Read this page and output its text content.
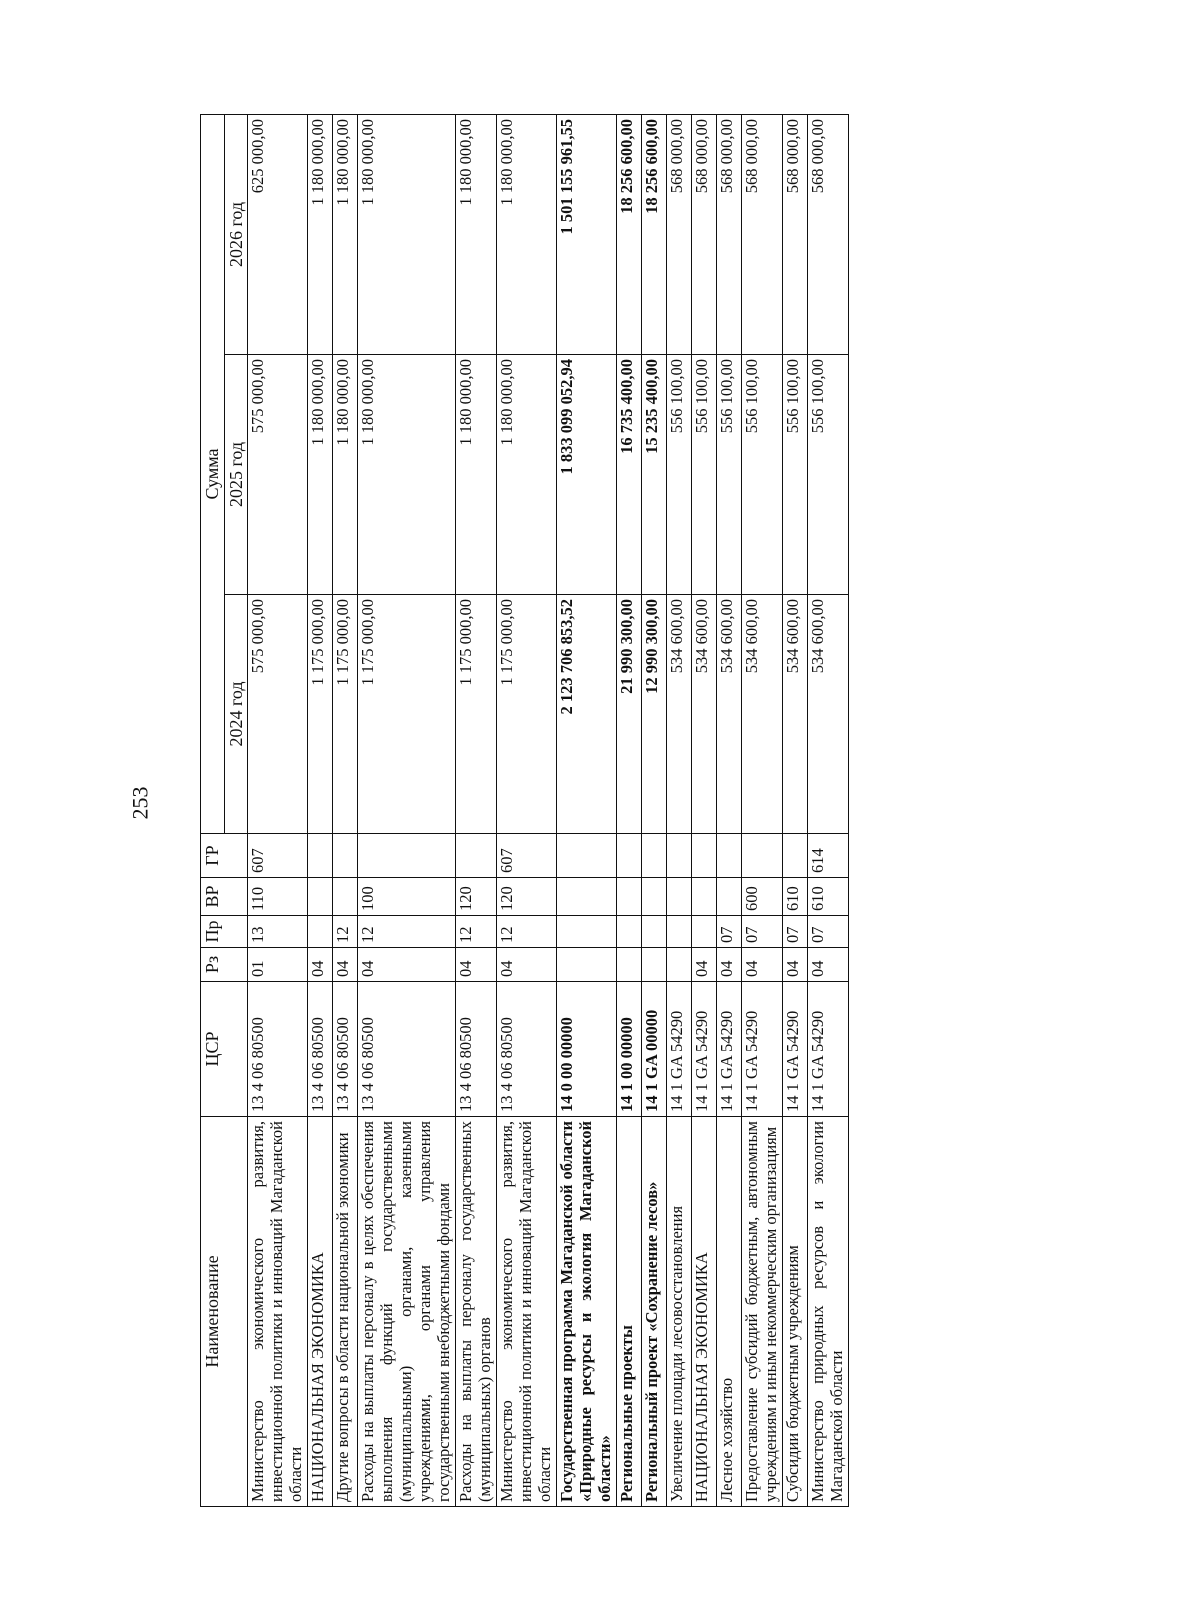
253
Наименование	ЦСР	Рз	Пр	ВР	ГР	Сумма		
						2024 год	2025 год	2026 год
Министерство экономического развития, инвестиционной политики и инноваций Магаданской области	13 4 06 80500	01	13	110	607	575 000,00	575 000,00	625 000,00
НАЦИОНАЛЬНАЯ ЭКОНОМИКА	13 4 06 80500	04				1 175 000,00	1 180 000,00	1 180 000,00
Другие вопросы в области национальной экономики	13 4 06 80500	04	12			1 175 000,00	1 180 000,00	1 180 000,00
Расходы на выплаты персоналу в целях обеспечения выполнения функций государственными (муниципальными) органами, казенными учреждениями, органами управления государственными внебюджетными фондами	13 4 06 80500	04	12	100		1 175 000,00	1 180 000,00	1 180 000,00
Расходы на выплаты персоналу государственных (муниципальных) органов	13 4 06 80500	04	12	120		1 175 000,00	1 180 000,00	1 180 000,00
Министерство экономического развития, инвестиционной политики и инноваций Магаданской области	13 4 06 80500	04	12	120	607	1 175 000,00	1 180 000,00	1 180 000,00
Государственная программа Магаданской области «Природные ресурсы и экология Магаданской области»	14 0 00 00000					2 123 706 853,52	1 833 099 052,94	1 501 155 961,55
Региональные проекты	14 1 00 00000					21 990 300,00	16 735 400,00	18 256 600,00
Региональный проект «Сохранение лесов»	14 1 GA 00000					12 990 300,00	15 235 400,00	18 256 600,00
Увеличение площади лесовосстановления	14 1 GA 54290					534 600,00	556 100,00	568 000,00
НАЦИОНАЛЬНАЯ ЭКОНОМИКА	14 1 GA 54290	04				534 600,00	556 100,00	568 000,00
Лесное хозяйство	14 1 GA 54290	04	07			534 600,00	556 100,00	568 000,00
Предоставление субсидий бюджетным, автономным учреждениям и иным некоммерческим организациям	14 1 GA 54290	04	07	600		534 600,00	556 100,00	568 000,00
Субсидии бюджетным учреждениям	14 1 GA 54290	04	07	610		534 600,00	556 100,00	568 000,00
Министерство природных ресурсов и экологии Магаданской области	14 1 GA 54290	04	07	610	614	534 600,00	556 100,00	568 000,00
